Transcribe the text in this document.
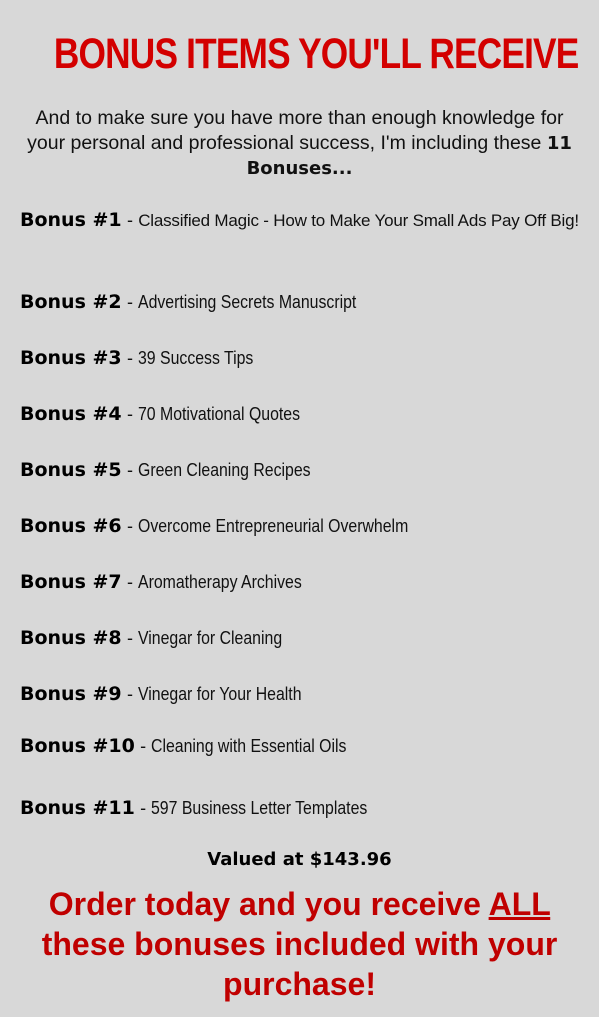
BONUS ITEMS YOU'LL RECEIVE
And to make sure you have more than enough knowledge for your personal and professional success, I'm including these 11 Bonuses...
Bonus #1 - Classified Magic - How to Make Your Small Ads Pay Off Big!
Bonus #2 - Advertising Secrets Manuscript
Bonus #3 - 39 Success Tips
Bonus #4 - 70 Motivational Quotes
Bonus #5 - Green Cleaning Recipes
Bonus #6 - Overcome Entrepreneurial Overwhelm
Bonus #7 - Aromatherapy Archives
Bonus #8 - Vinegar for Cleaning
Bonus #9 - Vinegar for Your Health
Bonus #10 - Cleaning with Essential Oils
Bonus #11 - 597 Business Letter Templates
Valued at $143.96
Order today and you receive ALL these bonuses included with your purchase!
